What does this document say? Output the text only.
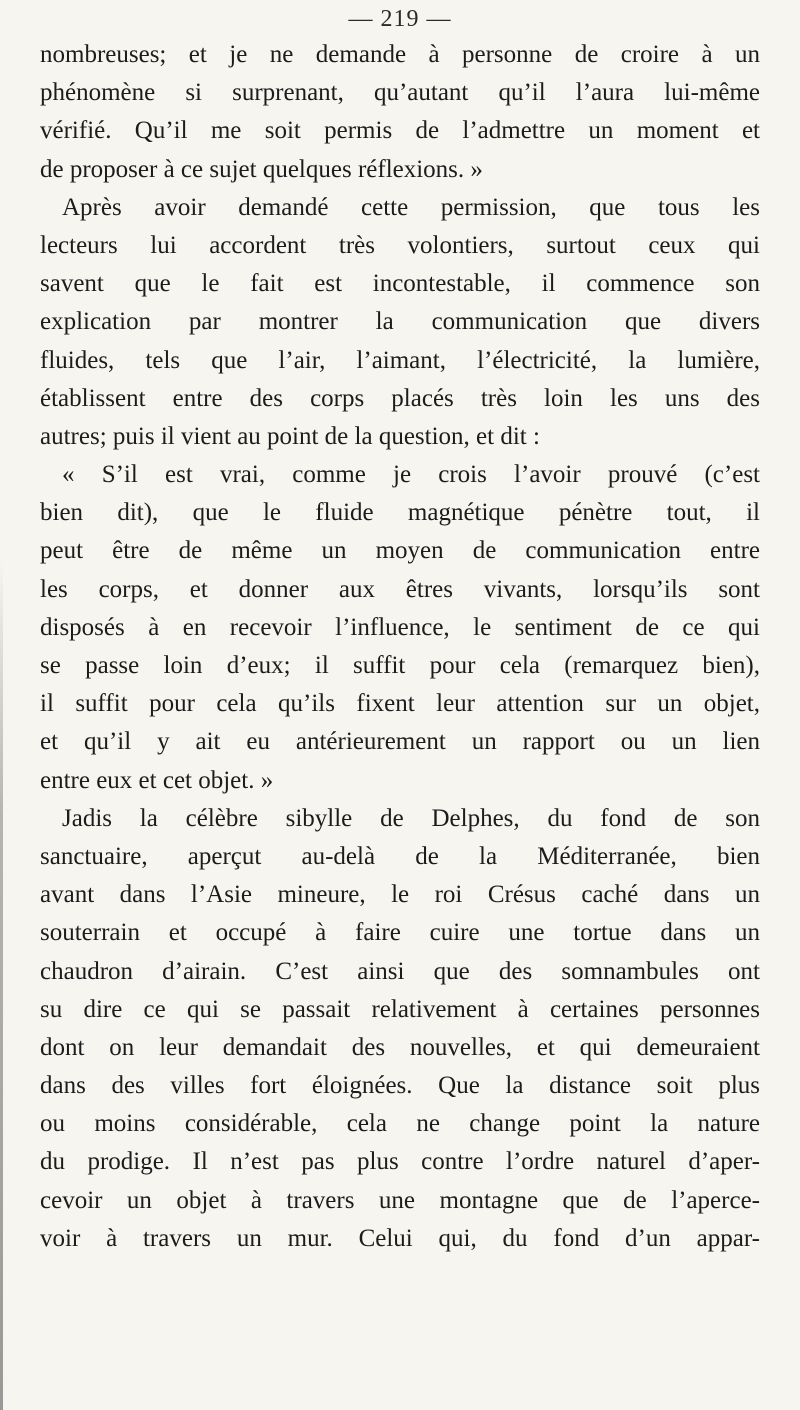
— 219 —
nombreuses; et je ne demande à personne de croire à un
phénomène si surprenant, qu’autant qu’il l’aura lui-même
vérifié. Qu’il me soit permis de l’admettre un moment et
de proposer à ce sujet quelques réflexions. »
Après avoir demandé cette permission, que tous les
lecteurs lui accordent très volontiers, surtout ceux qui
savent que le fait est incontestable, il commence son
explication par montrer la communication que divers
fluides, tels que l’air, l’aimant, l’électricité, la lumière,
établissent entre des corps placés très loin les uns des
autres; puis il vient au point de la question, et dit :
« S’il est vrai, comme je crois l’avoir prouvé (c’est
bien dit), que le fluide magnétique pénètre tout, il
peut être de même un moyen de communication entre
les corps, et donner aux êtres vivants, lorsqu’ils sont
disposés à en recevoir l’influence, le sentiment de ce qui
se passe loin d’eux; il suffit pour cela (remarquez bien),
il suffit pour cela qu’ils fixent leur attention sur un objet,
et qu’il y ait eu antérieurement un rapport ou un lien
entre eux et cet objet. »
Jadis la célèbre sibylle de Delphes, du fond de son
sanctuaire, aperçut au-delà de la Méditerranée, bien
avant dans l’Asie mineure, le roi Crésus caché dans un
souterrain et occupé à faire cuire une tortue dans un
chaudron d’airain. C’est ainsi que des somnambules ont
su dire ce qui se passait relativement à certaines personnes
dont on leur demandait des nouvelles, et qui demeuraient
dans des villes fort éloignées. Que la distance soit plus
ou moins considérable, cela ne change point la nature
du prodige. Il n’est pas plus contre l’ordre naturel d’aper-
cevoir un objet à travers une montagne que de l’aperce-
voir à travers un mur. Celui qui, du fond d’un appar-
